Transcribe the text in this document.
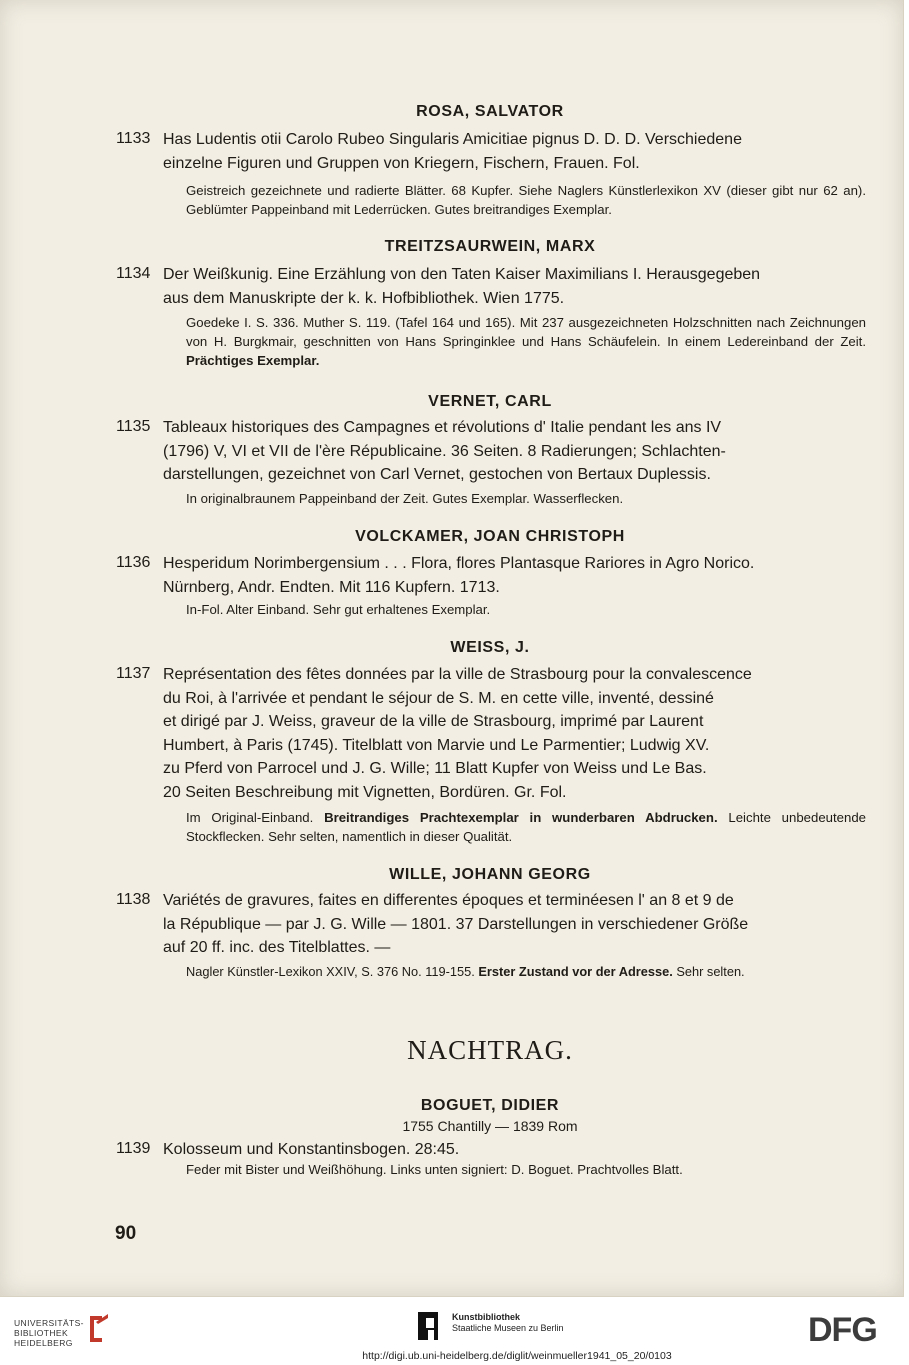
ROSA, SALVATOR
1133 Has Ludentis otii Carolo Rubeo Singularis Amicitiae pignus D. D. D. Verschiedene
einzelne Figuren und Gruppen von Kriegern, Fischern, Frauen. Fol.
Geistreich gezeichnete und radierte Blätter. 68 Kupfer. Siehe Naglers Künstlerlexikon XV (dieser gibt nur 62 an). Geblümter Pappeinband mit Lederrücken. Gutes breitrandiges Exemplar.
TREITZSAURWEIN, MARX
1134 Der Weißkunig. Eine Erzählung von den Taten Kaiser Maximilians I. Herausgegeben
aus dem Manuskripte der k. k. Hofbibliothek. Wien 1775.
Goedeke I. S. 336. Muther S. 119. (Tafel 164 und 165). Mit 237 ausgezeichneten Holzschnitten nach Zeichnungen von H. Burgkmair, geschnitten von Hans Springinklee und Hans Schäufelein. In einem Ledereinband der Zeit. Prächtiges Exemplar.
VERNET, CARL
1135 Tableaux historiques des Campagnes et révolutions d' Italie pendant les ans IV
(1796) V, VI et VII de l'ère Républicaine. 36 Seiten. 8 Radierungen; Schlachten-
darstellungen, gezeichnet von Carl Vernet, gestochen von Bertaux Duplessis.
In originalbraunem Pappeinband der Zeit. Gutes Exemplar. Wasserflecken.
VOLCKAMER, JOAN CHRISTOPH
1136 Hesperidum Norimbergensium . . . Flora, flores Plantasque Rariores in Agro Norico.
Nürnberg, Andr. Endten. Mit 116 Kupfern. 1713.
In-Fol. Alter Einband. Sehr gut erhaltenes Exemplar.
WEISS, J.
1137 Représentation des fêtes données par la ville de Strasbourg pour la convalescence
du Roi, à l'arrivée et pendant le séjour de S. M. en cette ville, inventé, dessiné
et dirigé par J. Weiss, graveur de la ville de Strasbourg, imprimé par Laurent
Humbert, à Paris (1745). Titelblatt von Marvie und Le Parmentier; Ludwig XV.
zu Pferd von Parrocel und J. G. Wille; 11 Blatt Kupfer von Weiss und Le Bas.
20 Seiten Beschreibung mit Vignetten, Bordüren. Gr. Fol.
Im Original-Einband. Breitrandiges Prachtexemplar in wunderbaren Abdrucken. Leichte unbedeutende Stockflecken. Sehr selten, namentlich in dieser Qualität.
WILLE, JOHANN GEORG
1138 Variétés de gravures, faites en differentes époques et terminéesen l' an 8 et 9 de
la République — par J. G. Wille — 1801. 37 Darstellungen in verschiedener Größe
auf 20 ff. inc. des Titelblattes. —
Nagler Künstler-Lexikon XXIV, S. 376 No. 119-155. Erster Zustand vor der Adresse. Sehr selten.
NACHTRAG.
BOGUET, DIDIER
1755 Chantilly — 1839 Rom
1139 Kolosseum und Konstantinsbogen. 28:45.
Feder mit Bister und Weißhöhung. Links unten signiert: D. Boguet. Prachtvolles Blatt.
90
UNIVERSITÄTS-
BIBLIOTHEK
HEIDELBERG
Kunstbibliothek
Staatliche Museen zu Berlin	DFG
http://digi.ub.uni-heidelberg.de/diglit/weinmueller1941_05_20/0103
